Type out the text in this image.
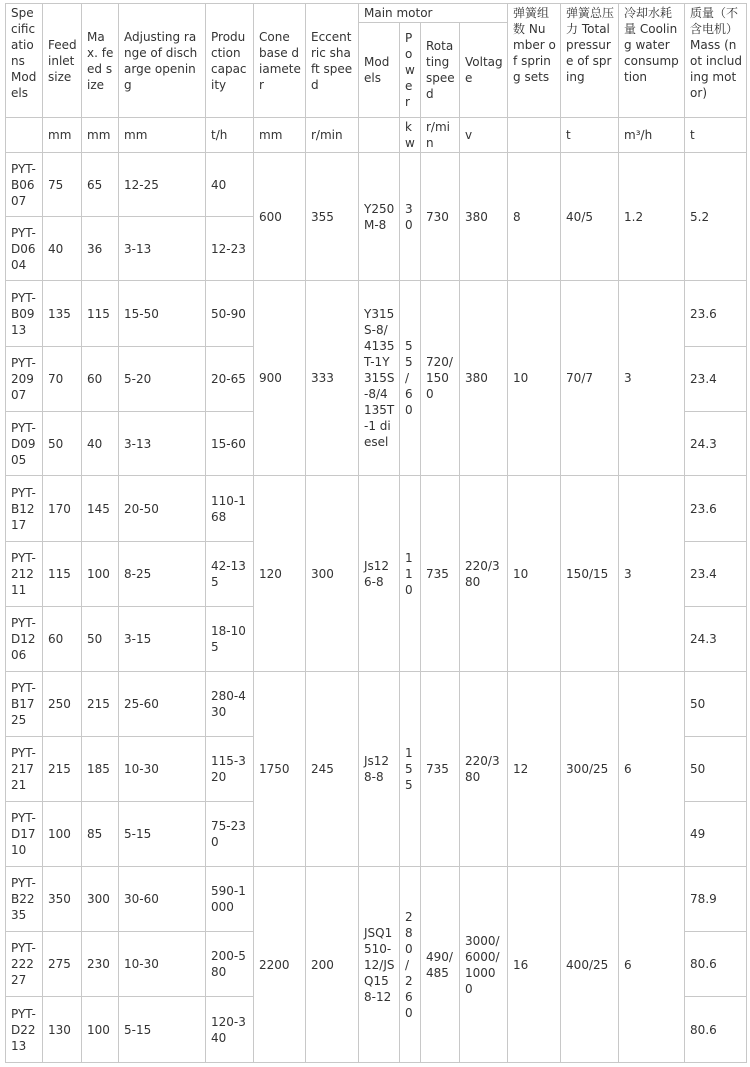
Specifications Models	Feed inlet size	Max. feed size	Adjusting range of discharge opening	Production capacity	Cone base diameter	Eccentric shaft speed	Main motor				弹簧组数 Number of spring sets	弹簧总压力 Total pressure of spring	冷却水耗量 Cooling water consumption	质量（不含电机） Mass (not including motor)
							Models	Power	Rotating speed	Voltage				
	mm	mm	mm	t/h	mm	r/min		kw	r/min	v		t	m³/h	t
PYT-B0607	75	65	12-25	40	600	355	Y250M-8	30	730	380	8	40/5	1.2	5.2
PYT-D0604	40	36	3-13	12-23										
PYT-B0913	135	115	15-50	50-90	900	333	Y315S-8/4135T-1Y315S-8/4135T-1 diesel	55/60	720/1500	380	10	70/7	3	23.6
PYT-20907	70	60	5-20	20-65										23.4
PYT-D0905	50	40	3-13	15-60										24.3
PYT-B1217	170	145	20-50	110-168	120	300	Js126-8	110	735	220/380	10	150/15	3	23.6
PYT-21211	115	100	8-25	42-135										23.4
PYT-D1206	60	50	3-15	18-105										24.3
PYT-B1725	250	215	25-60	280-430	1750	245	Js128-8	155	735	220/380	12	300/25	6	50
PYT-21721	215	185	10-30	115-320										50
PYT-D1710	100	85	5-15	75-230										49
PYT-B2235	350	300	30-60	590-1000	2200	200	JSQ1510-12/JSQ158-12	280/260	490/485	3000/6000/10000	16	400/25	6	78.9
PYT-22227	275	230	10-30	200-580										80.6
PYT-D2213	130	100	5-15	120-340										80.6
